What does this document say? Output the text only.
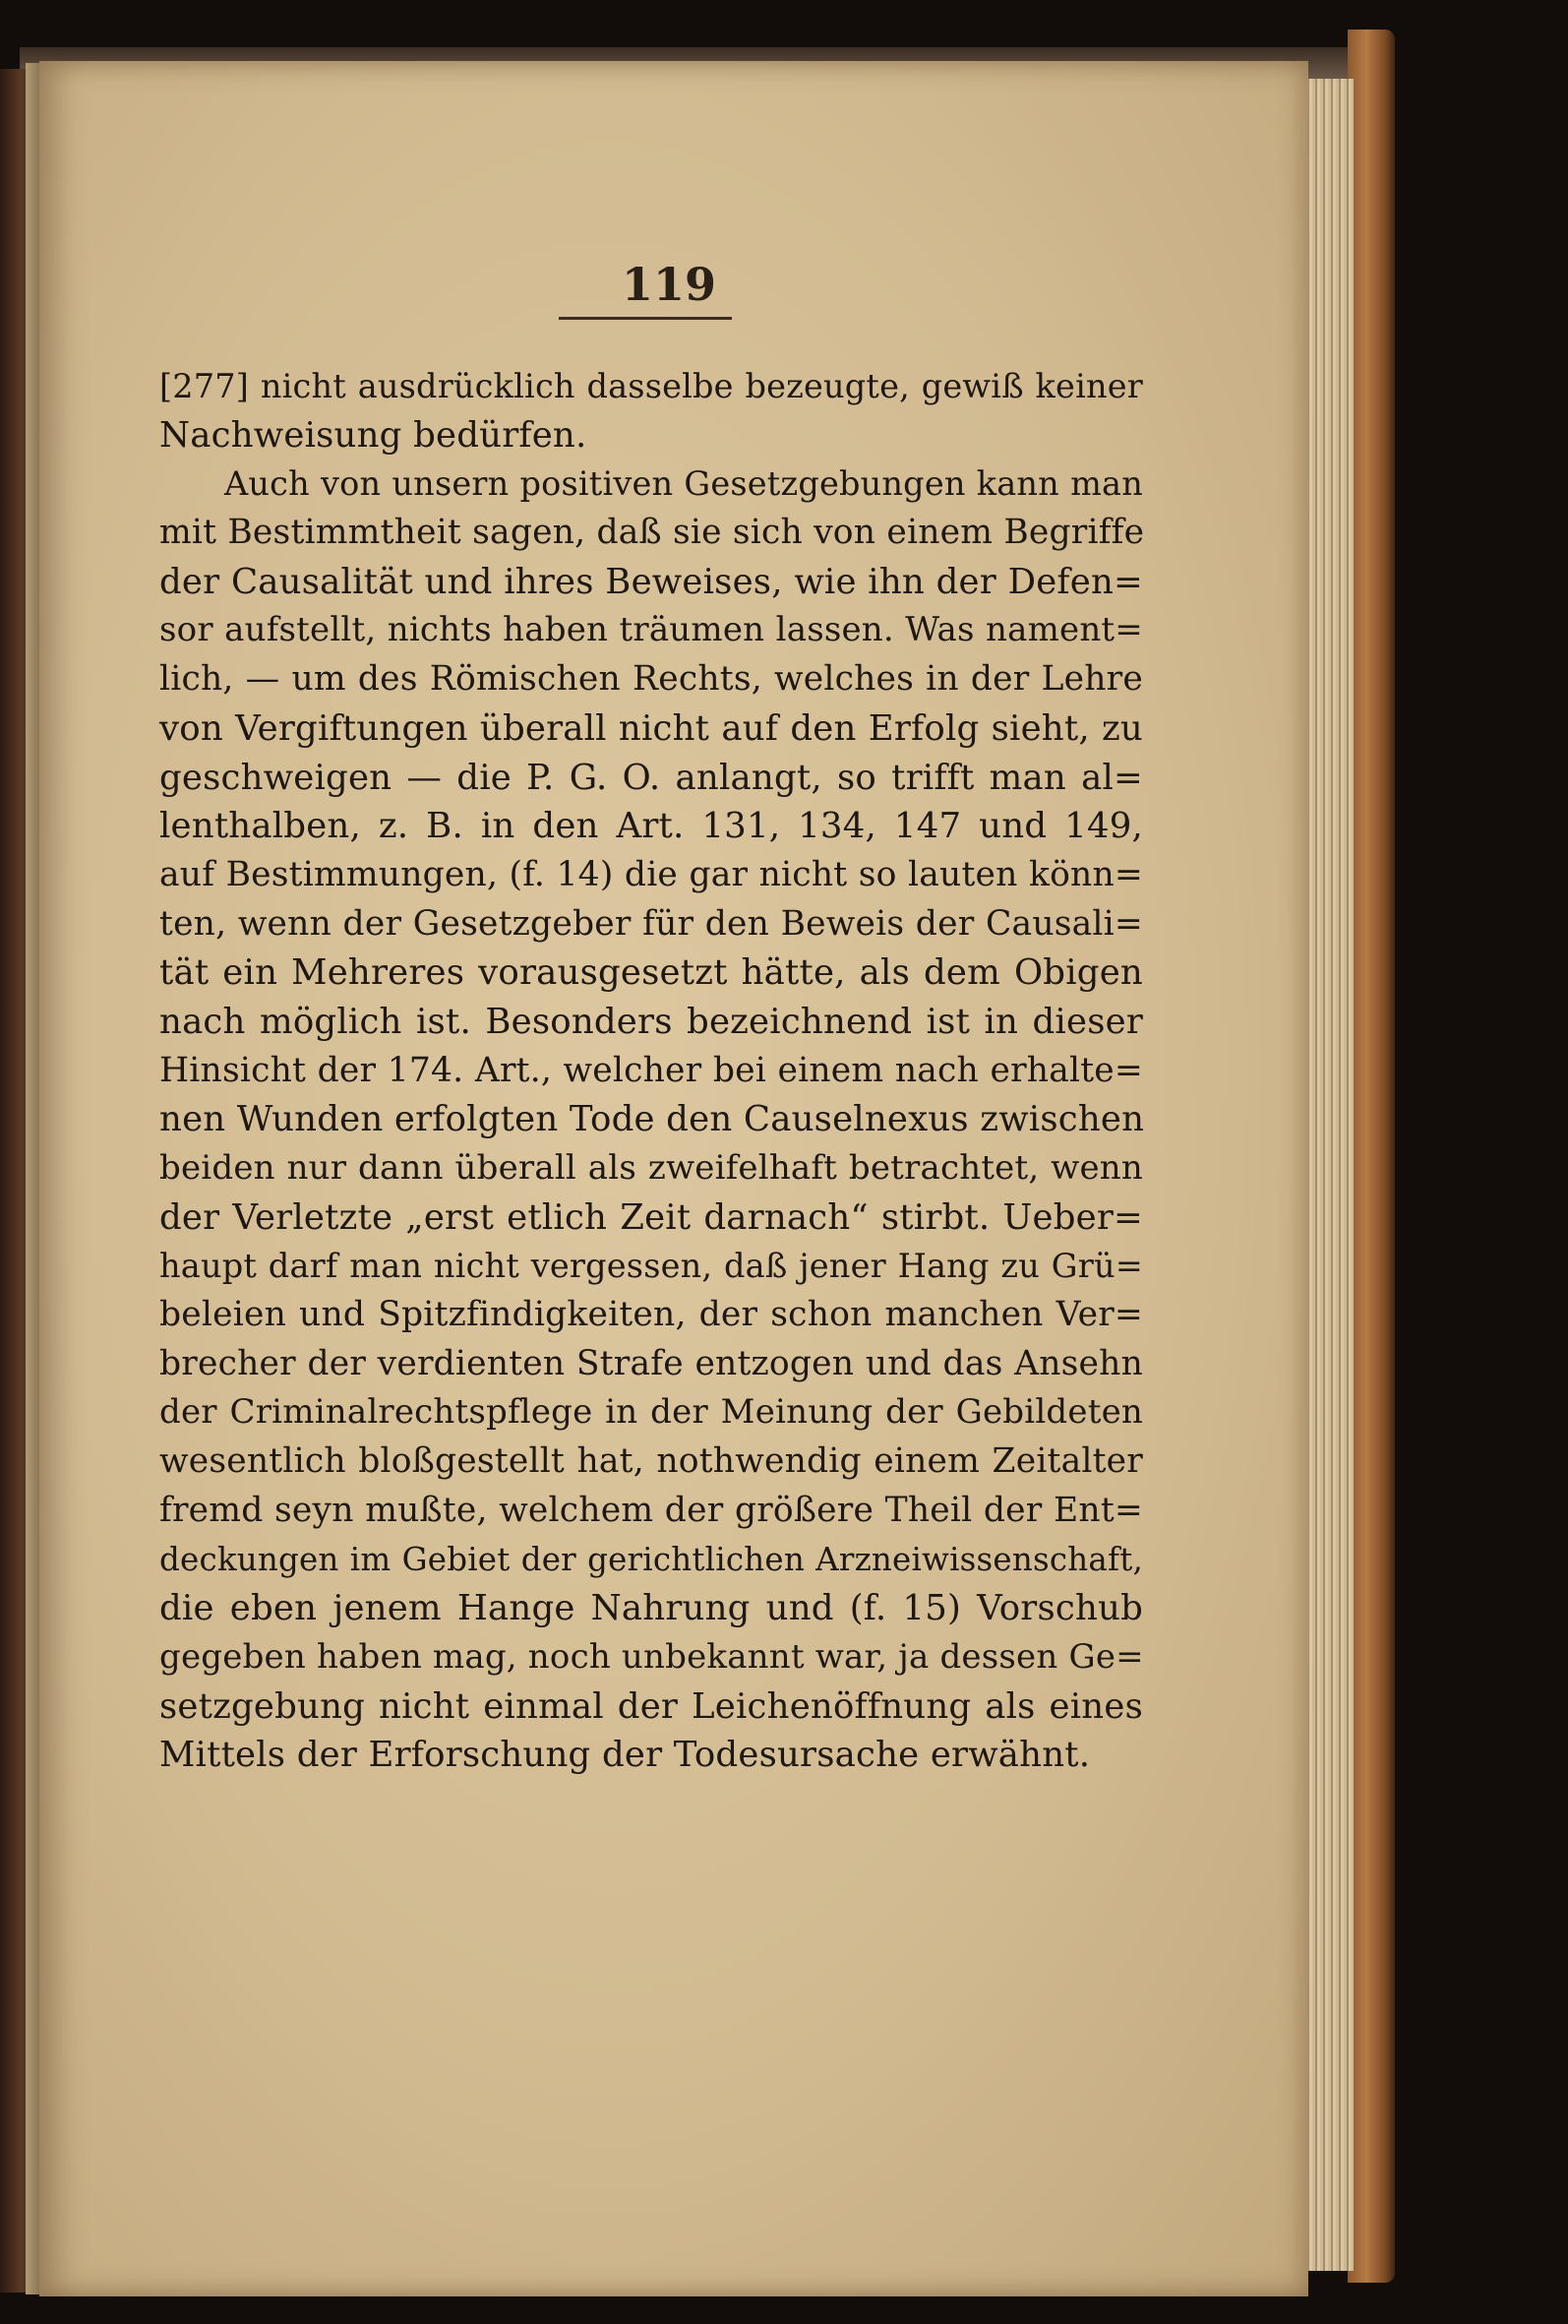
119
[277] nicht ausdrücklich dasselbe bezeugte, gewiß keiner
Nachweisung bedürfen.
Auch von unsern positiven Gesetzgebungen kann man
mit Bestimmtheit sagen, daß sie sich von einem Begriffe
der Causalität und ihres Beweises, wie ihn der Defen=
sor aufstellt, nichts haben träumen lassen. Was nament=
lich, — um des Römischen Rechts, welches in der Lehre
von Vergiftungen überall nicht auf den Erfolg sieht, zu
geschweigen — die P. G. O. anlangt, so trifft man al=
lenthalben, z. B. in den Art. 131, 134, 147 und 149,
auf Bestimmungen, (f. 14) die gar nicht so lauten könn=
ten, wenn der Gesetzgeber für den Beweis der Causali=
tät ein Mehreres vorausgesetzt hätte, als dem Obigen
nach möglich ist. Besonders bezeichnend ist in dieser
Hinsicht der 174. Art., welcher bei einem nach erhalte=
nen Wunden erfolgten Tode den Causelnexus zwischen
beiden nur dann überall als zweifelhaft betrachtet, wenn
der Verletzte „erst etlich Zeit darnach“ stirbt. Ueber=
haupt darf man nicht vergessen, daß jener Hang zu Grü=
beleien und Spitzfindigkeiten, der schon manchen Ver=
brecher der verdienten Strafe entzogen und das Ansehn
der Criminalrechtspflege in der Meinung der Gebildeten
wesentlich bloßgestellt hat, nothwendig einem Zeitalter
fremd seyn mußte, welchem der größere Theil der Ent=
deckungen im Gebiet der gerichtlichen Arzneiwissenschaft,
die eben jenem Hange Nahrung und (f. 15) Vorschub
gegeben haben mag, noch unbekannt war, ja dessen Ge=
setzgebung nicht einmal der Leichenöffnung als eines
Mittels der Erforschung der Todesursache erwähnt.
